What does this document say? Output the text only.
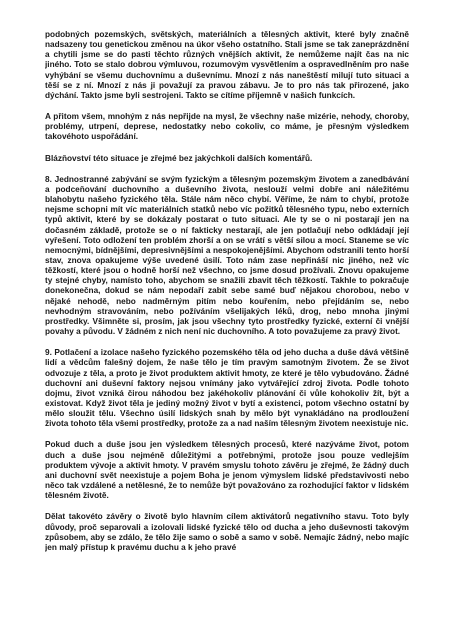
podobných pozemských, světských, materiálních a tělesných aktivit, které byly značně nadsazeny tou genetickou změnou na úkor všeho ostatního. Stali jsme se tak zaneprázdnění a chytili jsme se do pasti těchto různých vnějších aktivit, že nemůžeme najít čas na nic jiného. Toto se stalo dobrou výmluvou, rozumovým vysvětlením a ospravedlněním pro naše vyhýbání se všemu duchovnímu a duševnímu. Mnozí z nás naneštěstí milují tuto situaci a těší se z ní. Mnozí z nás ji považují za pravou zábavu. Je to pro nás tak přirozené, jako dýchání. Takto jsme byli sestrojeni. Takto se cítíme příjemně v našich funkcích.

A přitom všem, mnohým z nás nepřijde na mysl, že všechny naše mizérie, nehody, choroby, problémy, utrpení, deprese, nedostatky nebo cokoliv, co máme, je přesným výsledkem takovéhoto uspořádání.

Blázňovství této situace je zřejmé bez jakýchkoli dalších komentářů.

8. Jednostranné zabývání se svým fyzickým a tělesným pozemským životem a zanedbávání a podceňování duchovního a duševního života, neslouží velmi dobře ani náležitému blahobytu našeho fyzického těla. Stále nám něco chybí. Věříme, že nám to chybí, protože nejsme schopni mít víc materiálních statků nebo víc požitků tělesného typu, nebo externích typů aktivit, které by se dokázaly postarat o tuto situaci. Ale ty se o ni postarají jen na dočasném základě, protože se o ní fakticky nestarají, ale jen potlačují nebo odkládají její vyřešení. Toto odložení ten problém zhorší a on se vrátí s větší silou a mocí. Staneme se víc nemocnými, bídnějšími, depresivnějšími a nespokojenějšími. Abychom odstranili tento horší stav, znova opakujeme výše uvedené úsilí. Toto nám zase nepřináší nic jiného, než víc těžkostí, které jsou o hodně horší než všechno, co jsme dosud prožívali. Znovu opakujeme ty stejné chyby, namísto toho, abychom se snažili zbavit těch těžkostí. Takhle to pokračuje donekonečna, dokud se nám nepodaří zabít sebe samé buď nějakou chorobou, nebo v nějaké nehodě, nebo nadměrným pitím nebo kouřením, nebo přejídáním se, nebo nevhodným stravováním, nebo požíváním všelijakých léků, drog, nebo mnoha jinými prostředky. Všimněte si, prosím, jak jsou všechny tyto prostředky fyzické, externí či vnější povahy a původu. V žádném z nich není nic duchovního. A toto považujeme za pravý život.

9. Potlačení a izolace našeho fyzického pozemského těla od jeho ducha a duše dává většině lidí a vědcům falešný dojem, že naše tělo je tím pravým samotným životem. Že se život odvozuje z těla, a proto je život produktem aktivit hmoty, ze které je tělo vybudováno. Žádné duchovní ani duševní faktory nejsou vnímány jako vytvářející zdroj života. Podle tohoto dojmu, život vzniká čirou náhodou bez jakéhokoliv plánování či vůle kohokoliv žít, být a existovat. Když život těla je jediný možný život v bytí a existenci, potom všechno ostatní by mělo sloužit tělu. Všechno úsilí lidských snah by mělo být vynakládáno na prodloužení života tohoto těla všemi prostředky, protože za a nad naším tělesným životem neexistuje nic.

Pokud duch a duše jsou jen výsledkem tělesných procesů, které nazýváme život, potom duch a duše jsou nejméně důležitými a potřebnými, protože jsou pouze vedlejším produktem vývoje a aktivit hmoty. V pravém smyslu tohoto závěru je zřejmé, že žádný duch ani duchovní svět neexistuje a pojem Boha je jenom výmyslem lidské představivosti nebo něco tak vzdálené a netělesné, že to nemůže být považováno za rozhodující faktor v lidském tělesném životě.

Dělat takovéto závěry o životě bylo hlavním cílem aktivátorů negativního stavu. Toto byly důvody, proč separovali a izolovali lidské fyzické tělo od ducha a jeho duševnosti takovým způsobem, aby se zdálo, že tělo žije samo o sobě a samo v sobě. Nemajíc žádný, nebo majíc jen malý přístup k pravému duchu a k jeho pravé
